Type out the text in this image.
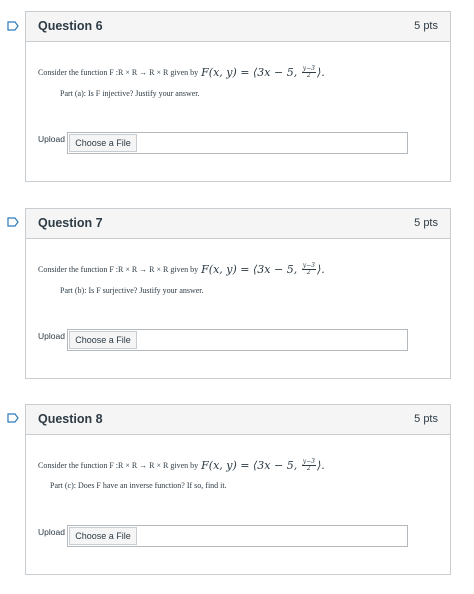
Question 6	5 pts
Consider the function F :R × R → R × R given by F(x, y)
=
⟨3x − 5,
$\frac{y-3}{2}$ ⟩.
Part (a): Is F injective? Justify your answer.
Upload	Choose a File
Question 7	5 pts
Consider the function F :R × R → R × R given by F(x, y)
=
⟨3x − 5,
$\frac{y-3}{2}$ ⟩.
Part (b): Is F surjective? Justify your answer.
Upload	Choose a File
Question 8	5 pts
Consider the function F :R × R → R × R given by F(x, y)
=
⟨3x − 5,
$\frac{y-3}{2}$ ⟩.
Part (c): Does F have an inverse function? If so, find it.
Upload	Choose a File
